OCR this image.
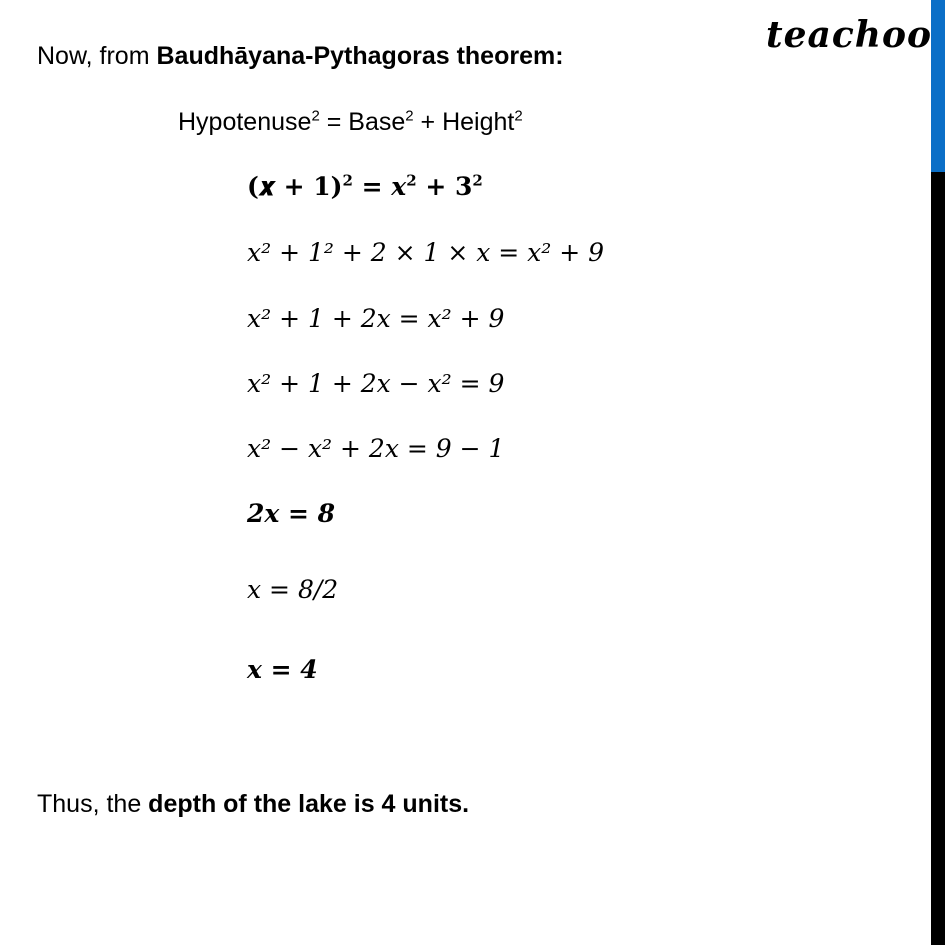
teachoo
Now, from Baudhāyana-Pythagoras theorem:
Hypotenuse$^2$ = Base$^2$ + Height$^2$
(𝒙 + 𝟏)$^2$ = $x^2 + 3^2$
x² + 1² + 2 × 1 × x = x² + 9
x² + 1 + 2x = x² + 9
x² + 1 + 2x − x² = 9
x² − x² + 2x = 9 − 1
2x = 8
x = 8/2
x = 4
Thus, the depth of the lake is 4 units.
